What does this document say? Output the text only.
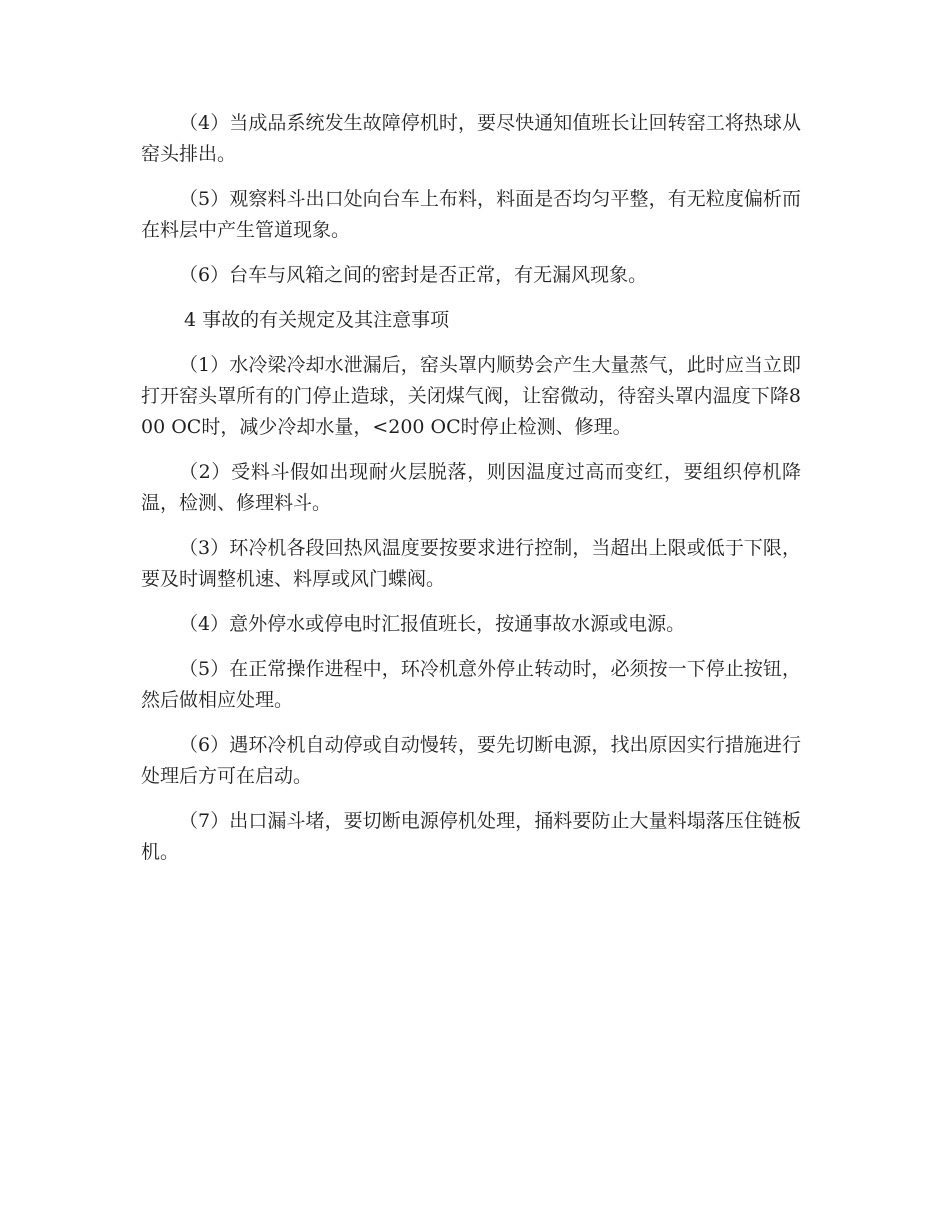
（4）当成品系统发生故障停机时，要尽快通知值班长让回转窑工将热球从窑头排出。

（5）观察料斗出口处向台车上布料，料面是否均匀平整，有无粒度偏析而在料层中产生管道现象。

（6）台车与风箱之间的密封是否正常，有无漏风现象。

4 事故的有关规定及其注意事项

（1）水冷梁冷却水泄漏后，窑头罩内顺势会产生大量蒸气，此时应当立即打开窑头罩所有的门停止造球，关闭煤气阀，让窑微动，待窑头罩内温度下降800 OC时，减少冷却水量，<200 OC时停止检测、修理。

（2）受料斗假如出现耐火层脱落，则因温度过高而变红，要组织停机降温，检测、修理料斗。

（3）环冷机各段回热风温度要按要求进行控制，当超出上限或低于下限，要及时调整机速、料厚或风门蝶阀。

（4）意外停水或停电时汇报值班长，按通事故水源或电源。

（5）在正常操作进程中，环冷机意外停止转动时，必须按一下停止按钮，然后做相应处理。

（6）遇环冷机自动停或自动慢转，要先切断电源，找出原因实行措施进行处理后方可在启动。

（7）出口漏斗堵，要切断电源停机处理，捅料要防止大量料塌落压住链板机。
